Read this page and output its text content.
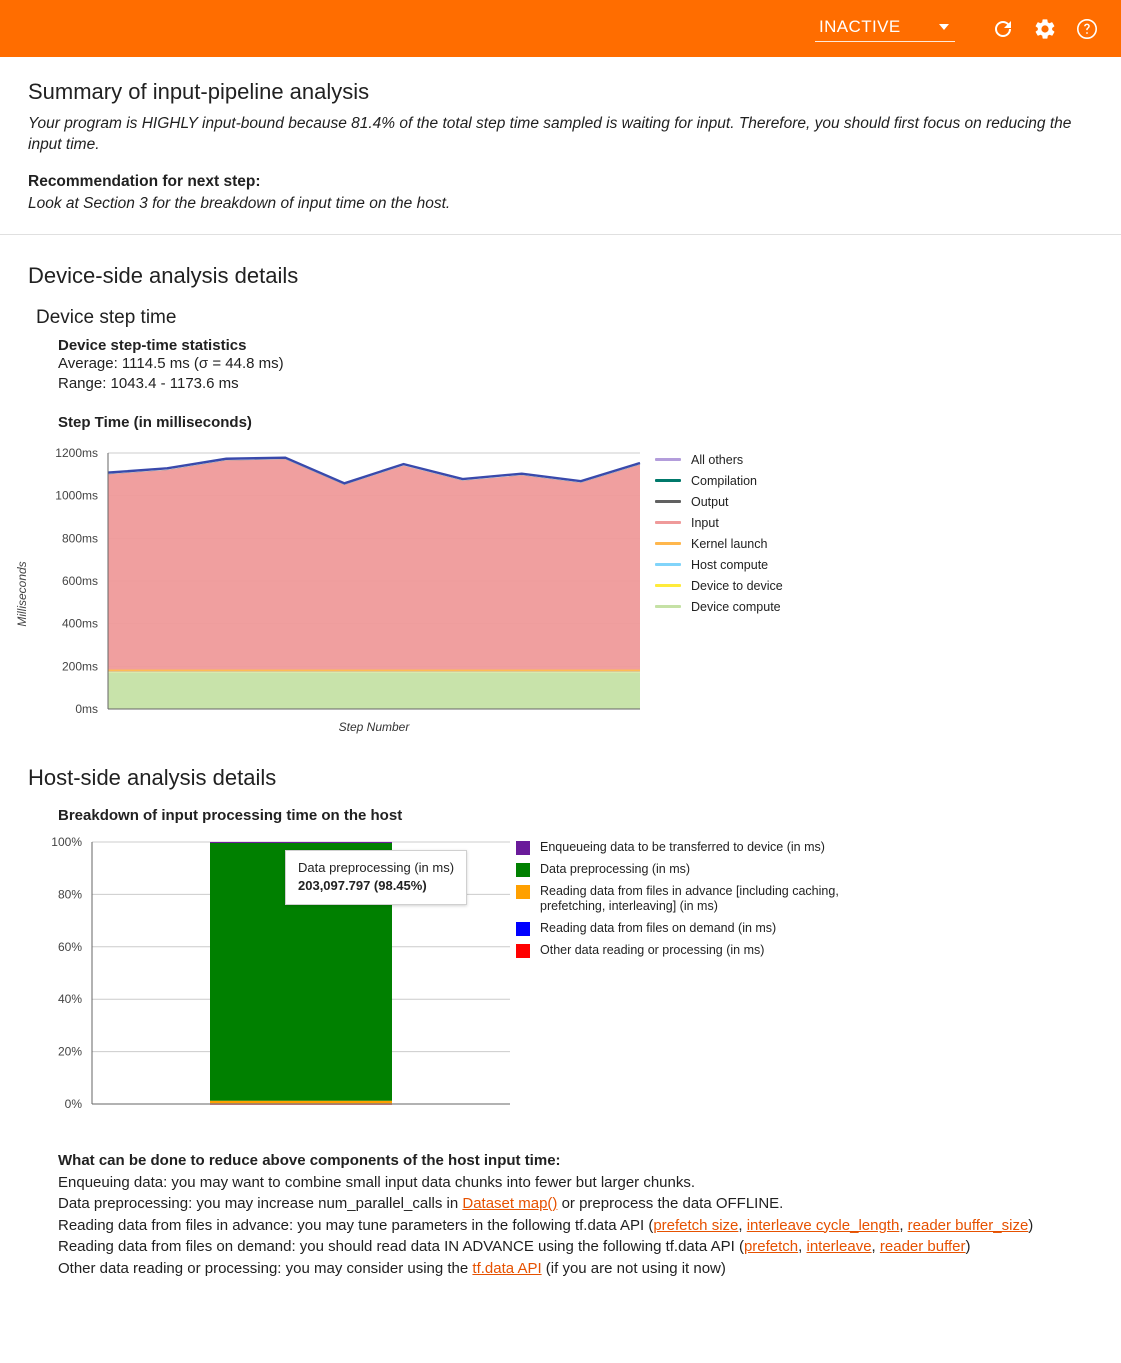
INACTIVE
Summary of input-pipeline analysis

Your program is HIGHLY input-bound because 81.4% of the total step time sampled is waiting for input. Therefore, you should first focus on reducing the input time.

Recommendation for next step:

Look at Section 3 for the breakdown of input time on the host.

Device-side analysis details
Device step time
Device step-time statistics
Average: 1114.5 ms (σ = 44.8 ms)
Range: 1043.4 - 1173.6 ms
Step Time (in milliseconds)
Milliseconds
0ms
200ms
400ms
600ms
800ms
1000ms
1200ms
Step Number
All others
Compilation
Output
Input
Kernel launch
Host compute
Device to device
Device compute
Host-side analysis details
Breakdown of input processing time on the host
0%
20%
40%
60%
80%
100%
Data preprocessing (in ms)
203,097.797 (98.45%)
Enqueueing data to be transferred to device (in ms)
Data preprocessing (in ms)
Reading data from files in advance [including caching, prefetching, interleaving] (in ms)
Reading data from files on demand (in ms)
Other data reading or processing (in ms)
What can be done to reduce above components of the host input time:
Enqueuing data: you may want to combine small input data chunks into fewer but larger chunks.
Data preprocessing: you may increase num_parallel_calls in Dataset map() or preprocess the data OFFLINE.
Reading data from files in advance: you may tune parameters in the following tf.data API (prefetch size, interleave cycle_length, reader buffer_size)
Reading data from files on demand: you should read data IN ADVANCE using the following tf.data API (prefetch, interleave, reader buffer)
Other data reading or processing: you may consider using the tf.data API (if you are not using it now)
